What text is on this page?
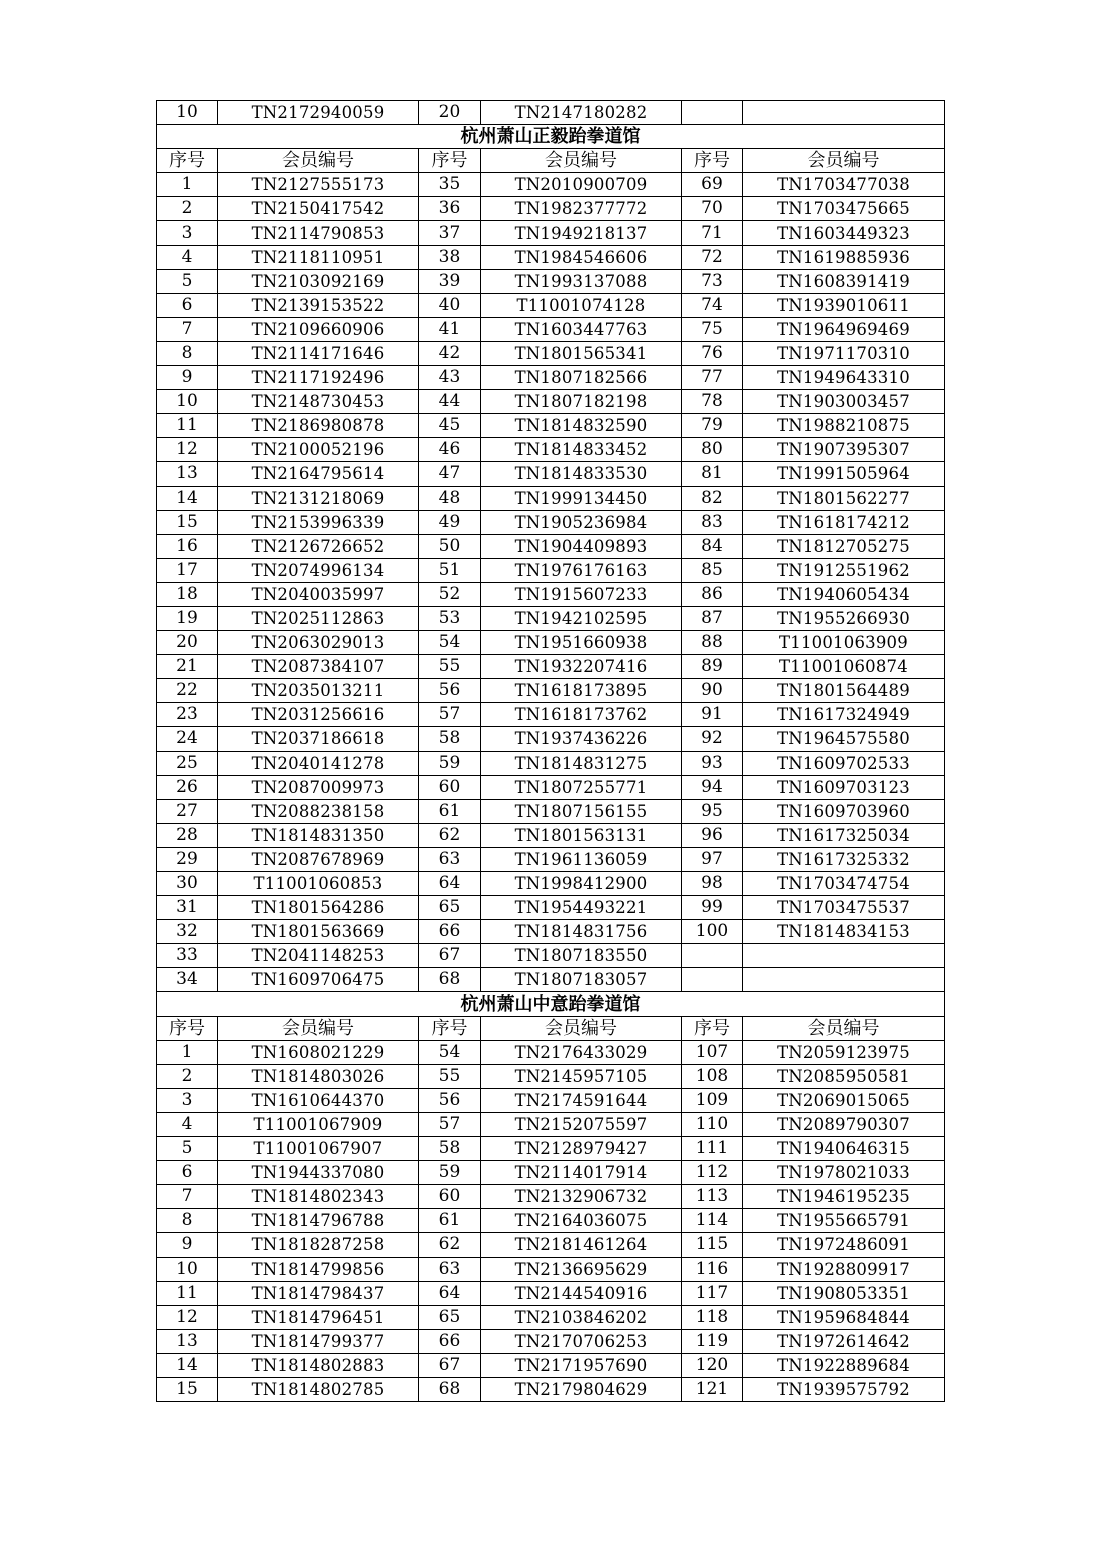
10	TN2172940059	20	TN2147180282		
杭州萧山正毅跆拳道馆					
序号	会员编号	序号	会员编号	序号	会员编号
1	TN2127555173	35	TN2010900709	69	TN1703477038
2	TN2150417542	36	TN1982377772	70	TN1703475665
3	TN2114790853	37	TN1949218137	71	TN1603449323
4	TN2118110951	38	TN1984546606	72	TN1619885936
5	TN2103092169	39	TN1993137088	73	TN1608391419
6	TN2139153522	40	T11001074128	74	TN1939010611
7	TN2109660906	41	TN1603447763	75	TN1964969469
8	TN2114171646	42	TN1801565341	76	TN1971170310
9	TN2117192496	43	TN1807182566	77	TN1949643310
10	TN2148730453	44	TN1807182198	78	TN1903003457
11	TN2186980878	45	TN1814832590	79	TN1988210875
12	TN2100052196	46	TN1814833452	80	TN1907395307
13	TN2164795614	47	TN1814833530	81	TN1991505964
14	TN2131218069	48	TN1999134450	82	TN1801562277
15	TN2153996339	49	TN1905236984	83	TN1618174212
16	TN2126726652	50	TN1904409893	84	TN1812705275
17	TN2074996134	51	TN1976176163	85	TN1912551962
18	TN2040035997	52	TN1915607233	86	TN1940605434
19	TN2025112863	53	TN1942102595	87	TN1955266930
20	TN2063029013	54	TN1951660938	88	T11001063909
21	TN2087384107	55	TN1932207416	89	T11001060874
22	TN2035013211	56	TN1618173895	90	TN1801564489
23	TN2031256616	57	TN1618173762	91	TN1617324949
24	TN2037186618	58	TN1937436226	92	TN1964575580
25	TN2040141278	59	TN1814831275	93	TN1609702533
26	TN2087009973	60	TN1807255771	94	TN1609703123
27	TN2088238158	61	TN1807156155	95	TN1609703960
28	TN1814831350	62	TN1801563131	96	TN1617325034
29	TN2087678969	63	TN1961136059	97	TN1617325332
30	T11001060853	64	TN1998412900	98	TN1703474754
31	TN1801564286	65	TN1954493221	99	TN1703475537
32	TN1801563669	66	TN1814831756	100	TN1814834153
33	TN2041148253	67	TN1807183550		
34	TN1609706475	68	TN1807183057		
杭州萧山中意跆拳道馆					
序号	会员编号	序号	会员编号	序号	会员编号
1	TN1608021229	54	TN2176433029	107	TN2059123975
2	TN1814803026	55	TN2145957105	108	TN2085950581
3	TN1610644370	56	TN2174591644	109	TN2069015065
4	T11001067909	57	TN2152075597	110	TN2089790307
5	T11001067907	58	TN2128979427	111	TN1940646315
6	TN1944337080	59	TN2114017914	112	TN1978021033
7	TN1814802343	60	TN2132906732	113	TN1946195235
8	TN1814796788	61	TN2164036075	114	TN1955665791
9	TN1818287258	62	TN2181461264	115	TN1972486091
10	TN1814799856	63	TN2136695629	116	TN1928809917
11	TN1814798437	64	TN2144540916	117	TN1908053351
12	TN1814796451	65	TN2103846202	118	TN1959684844
13	TN1814799377	66	TN2170706253	119	TN1972614642
14	TN1814802883	67	TN2171957690	120	TN1922889684
15	TN1814802785	68	TN2179804629	121	TN1939575792
